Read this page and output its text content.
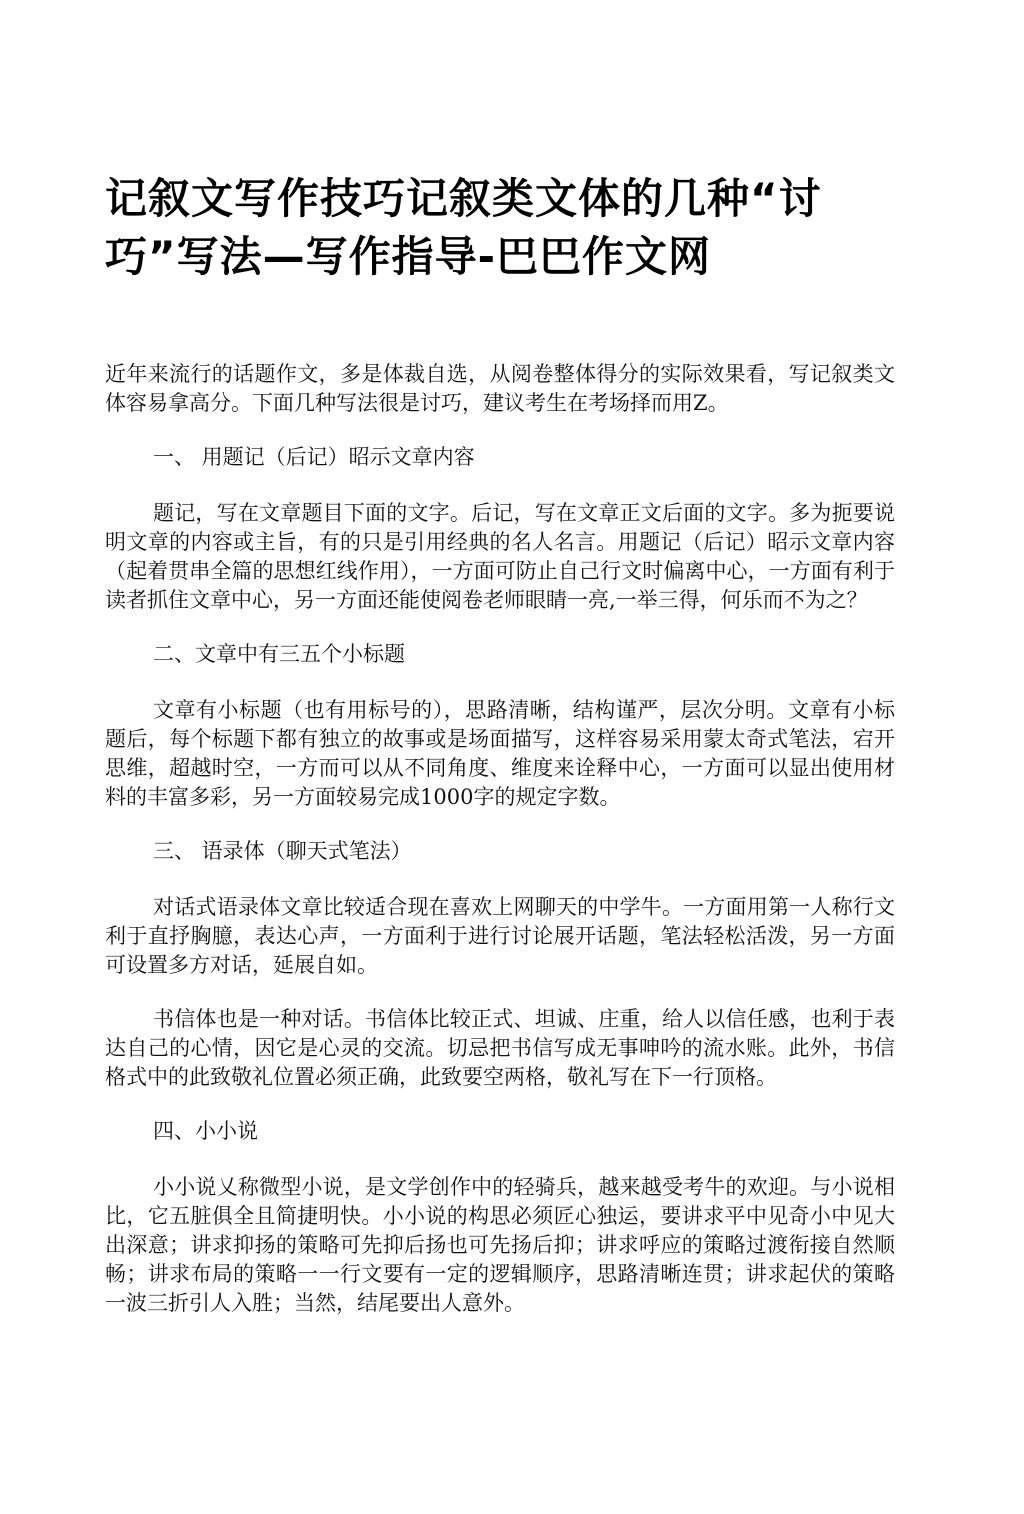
记叙文写作技巧记叙类文体的几种“讨巧”写法—写作指导-巴巴作文网

近年来流行的话题作文，多是体裁自选，从阅卷整体得分的实际效果看，写记叙类文体容易拿高分。下面几种写法很是讨巧，建议考生在考场择而用Z。

一、 用题记（后记）昭示文章内容

题记，写在文章题目下面的文字。后记，写在文章正文后面的文字。多为扼要说明文章的内容或主旨，有的只是引用经典的名人名言。用题记（后记）昭示文章内容（起着贯串全篇的思想红线作用），一方面可防止自己行文时偏离中心，一方面有利于读者抓住文章中心，另一方面还能使阅卷老师眼睛一亮,一举三得，何乐而不为之？

二、文章中有三五个小标题

文章有小标题（也有用标号的），思路清晰，结构谨严，层次分明。文章有小标题后，每个标题下都有独立的故事或是场面描写，这样容易采用蒙太奇式笔法，宕开思维，超越时空，一方而可以从不同角度、维度来诠释中心，一方面可以显出使用材料的丰富多彩，另一方面较易完成1000字的规定字数。

三、 语录体（聊天式笔法）

对话式语录体文章比较适合现在喜欢上网聊天的中学牛。一方面用第一人称行文利于直抒胸臆，表达心声，一方面利于进行讨论展开话题，笔法轻松活泼，另一方面可设置多方对话，延展自如。

书信体也是一种对话。书信体比较正式、坦诚、庄重，给人以信任感，也利于表达自己的心情，因它是心灵的交流。切忌把书信写成无事呻吟的流水账。此外，书信格式中的此致敬礼位置必须正确，此致要空两格，敬礼写在下一行顶格。

四、小小说

小小说乂称微型小说，是文学创作中的轻骑兵，越来越受考牛的欢迎。与小说相比，它五脏俱全且简捷明快。小小说的构思必须匠心独运，要讲求平中见奇小中见大出深意；讲求抑扬的策略可先抑后扬也可先扬后抑；讲求呼应的策略过渡衔接自然顺畅；讲求布局的策略一一行文要有一定的逻辑顺序，思路清晰连贯；讲求起伏的策略一波三折引人入胜；当然，结尾要出人意外。
